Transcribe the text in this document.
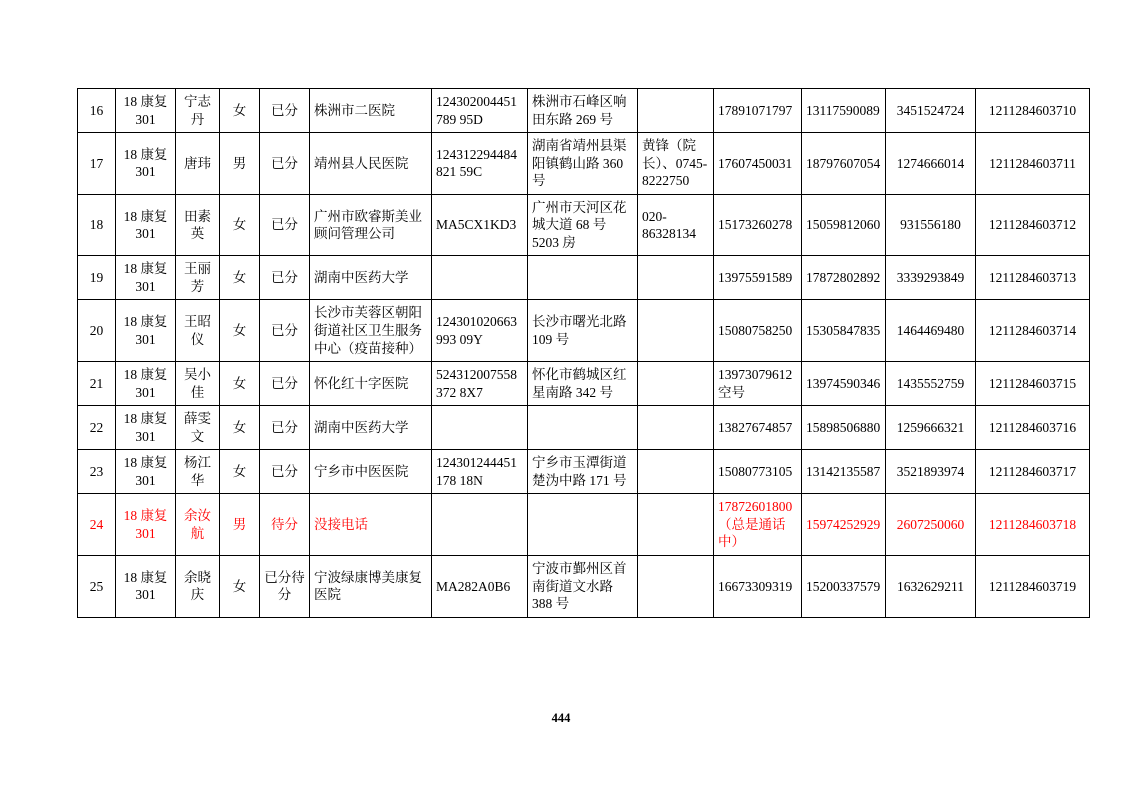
16	18 康复 301	宁志丹	女	已分	株洲市二医院	124302004451789 95D	株洲市石峰区响田东路 269 号		17891071797	13117590089	3451524724	1211284603710
17	18 康复 301	唐玮	男	已分	靖州县人民医院	124312294484821 59C	湖南省靖州县渠阳镇鹤山路 360 号	黄锋（院长）、0745-8222750	17607450031	18797607054	1274666014	1211284603711
18	18 康复 301	田素英	女	已分	广州市欧睿斯美业顾问管理公司	MA5CX1KD3	广州市天河区花城大道 68 号 5203 房	020-86328134	15173260278	15059812060	931556180	1211284603712
19	18 康复 301	王丽芳	女	已分	湖南中医药大学				13975591589	17872802892	3339293849	1211284603713
20	18 康复 301	王昭仪	女	已分	长沙市芙蓉区朝阳街道社区卫生服务中心（疫苗接种）	124301020663993 09Y	长沙市曙光北路 109 号		15080758250	15305847835	1464469480	1211284603714
21	18 康复 301	吴小佳	女	已分	怀化红十字医院	524312007558372 8X7	怀化市鹤城区红星南路 342 号		13973079612 空号	13974590346	1435552759	1211284603715
22	18 康复 301	薛雯文	女	已分	湖南中医药大学				13827674857	15898506880	1259666321	1211284603716
23	18 康复 301	杨江华	女	已分	宁乡市中医医院	124301244451178 18N	宁乡市玉潭街道楚沩中路 171 号		15080773105	13142135587	3521893974	1211284603717
24	18 康复 301	余汝航	男	待分	没接电话				17872601800（总是通话中）	15974252929	2607250060	1211284603718
25	18 康复 301	余晓庆	女	已分待分	宁波绿康博美康复医院	MA282A0B6	宁波市鄞州区首南街道文水路 388 号		16673309319	15200337579	1632629211	1211284603719
444
